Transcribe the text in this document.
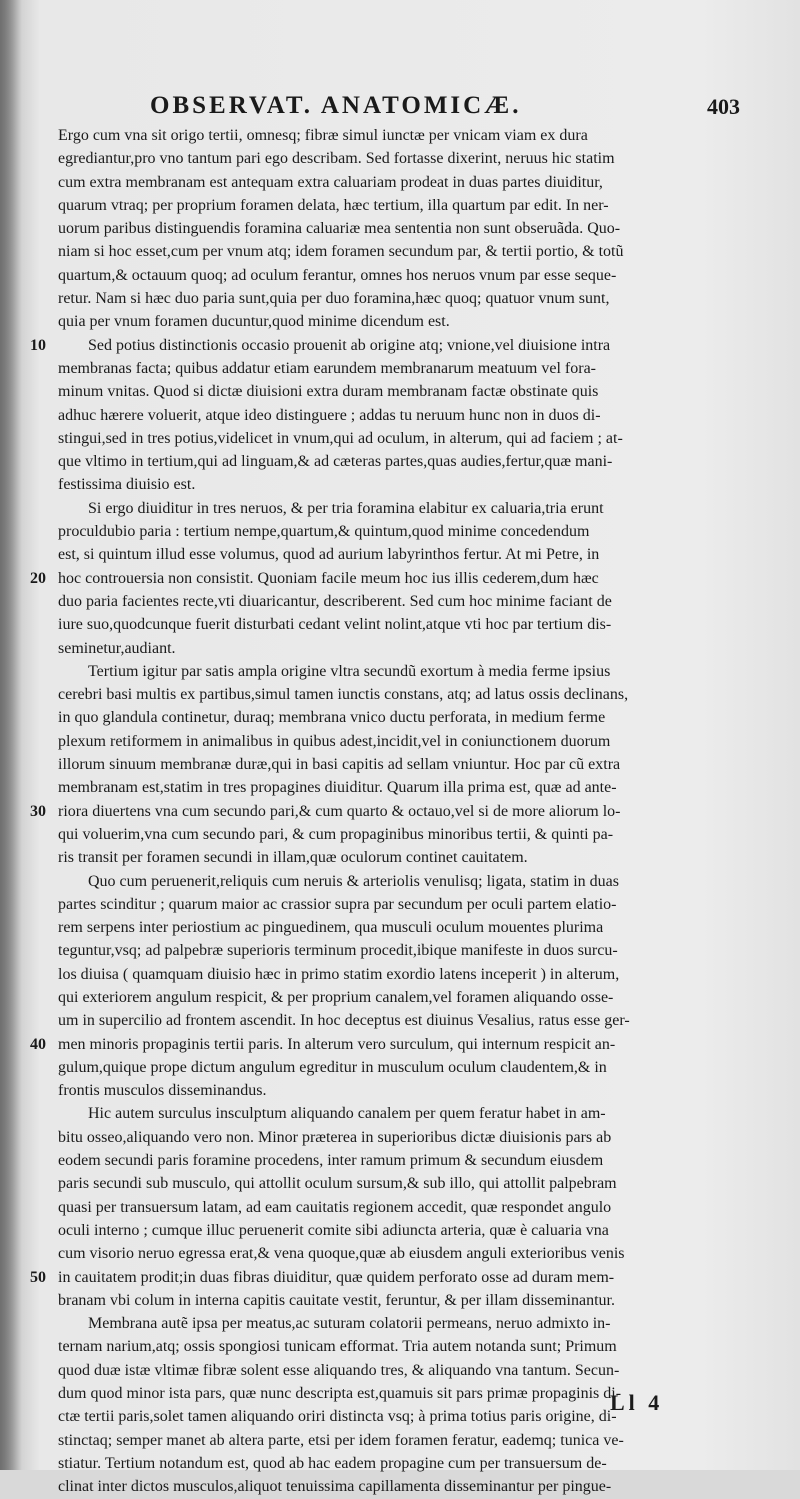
OBSERVAT. ANATOMICÆ.	403
Ergo cum vna sit origo tertii, omnesq; fibræ simul iunctæ per vnicam viam ex dura
egrediantur,pro vno tantum pari ego describam. Sed fortasse dixerint, neruus hic statim
cum extra membranam est antequam extra caluariam prodeat in duas partes diuiditur,
quarum vtraq; per proprium foramen delata, hæc tertium, illa quartum par edit. In ner-
uorum paribus distinguendis foramina caluariæ mea sententia non sunt obseruãda. Quo-
niam si hoc esset,cum per vnum atq; idem foramen secundum par, & tertii portio, & totũ
quartum,& octauum quoq; ad oculum ferantur, omnes hos neruos vnum par esse seque-
retur. Nam si hæc duo paria sunt,quia per duo foramina,hæc quoq; quatuor vnum sunt,
quia per vnum foramen ducuntur,quod minime dicendum est.
10	Sed potius distinctionis occasio prouenit ab origine atq; vnione,vel diuisione intra
membranas facta; quibus addatur etiam earundem membranarum meatuum vel fora-
minum vnitas. Quod si dictæ diuisioni extra duram membranam factæ obstinate quis
adhuc hærere voluerit, atque ideo distinguere ; addas tu neruum hunc non in duos di-
stingui,sed in tres potius,videlicet in vnum,qui ad oculum, in alterum, qui ad faciem ; at-
que vltimo in tertium,qui ad linguam,& ad cæteras partes,quas audies,fertur,quæ mani-
festissima diuisio est.
Si ergo diuiditur in tres neruos, & per tria foramina elabitur ex caluaria,tria erunt
proculdubio paria : tertium nempe,quartum,& quintum,quod minime concedendum
est, si quintum illud esse volumus, quod ad aurium labyrinthos fertur. At mi Petre, in
20 hoc controuersia non consistit. Quoniam facile meum hoc ius illis cederem,dum hæc
duo paria facientes recte,vti diuaricantur, describerent. Sed cum hoc minime faciant de
iure suo,quodcunque fuerit disturbati cedant velint nolint,atque vti hoc par tertium dis-
seminetur,audiant.
Tertium igitur par satis ampla origine vltra secundũ exortum à media ferme ipsius
cerebri basi multis ex partibus,simul tamen iunctis constans, atq; ad latus ossis declinans,
in quo glandula continetur, duraq; membrana vnico ductu perforata, in medium ferme
plexum retiformem in animalibus in quibus adest,incidit,vel in coniunctionem duorum
illorum sinuum membranæ duræ,qui in basi capitis ad sellam vniuntur. Hoc par cũ extra
membranam est,statim in tres propagines diuiditur. Quarum illa prima est, quæ ad ante-
30 riora diuertens vna cum secundo pari,& cum quarto & octauo,vel si de more aliorum lo-
qui voluerim,vna cum secundo pari, & cum propaginibus minoribus tertii, & quinti pa-
ris transit per foramen secundi in illam,quæ oculorum continet cauitatem.
Quo cum peruenerit,reliquis cum neruis & arteriolis venulisq; ligata, statim in duas
partes scinditur ; quarum maior ac crassior supra par secundum per oculi partem elatio-
rem serpens inter periostium ac pinguedinem, qua musculi oculum mouentes plurima
teguntur,vsq; ad palpebræ superioris terminum procedit,ibique manifeste in duos surcu-
los diuisa ( quamquam diuisio hæc in primo statim exordio latens inceperit ) in alterum,
qui exteriorem angulum respicit, & per proprium canalem,vel foramen aliquando osse-
um in supercilio ad frontem ascendit. In hoc deceptus est diuinus Vesalius, ratus esse ger-
40 men minoris propaginis tertii paris. In alterum vero surculum, qui internum respicit an-
gulum,quique prope dictum angulum egreditur in musculum oculum claudentem,& in
frontis musculos disseminandus.
Hic autem surculus insculptum aliquando canalem per quem feratur habet in am-
bitu osseo,aliquando vero non. Minor præterea in superioribus dictæ diuisionis pars ab
eodem secundi paris foramine procedens, inter ramum primum & secundum eiusdem
paris secundi sub musculo, qui attollit oculum sursum,& sub illo, qui attollit palpebram
quasi per transuersum latam, ad eam cauitatis regionem accedit, quæ respondet angulo
oculi interno ; cumque illuc peruenerit comite sibi adiuncta arteria, quæ è caluaria vna
cum visorio neruo egressa erat,& vena quoque,quæ ab eiusdem anguli exterioribus venis
50 in cauitatem prodit;in duas fibras diuiditur, quæ quidem perforato osse ad duram mem-
branam vbi colum in interna capitis cauitate vestit, feruntur, & per illam disseminantur.
Membrana autẽ ipsa per meatus,ac suturam colatorii permeans, neruo admixto in-
ternam narium,atq; ossis spongiosi tunicam efformat. Tria autem notanda sunt; Primum
quod duæ istæ vltimæ fibræ solent esse aliquando tres, & aliquando vna tantum. Secun-
dum quod minor ista pars, quæ nunc descripta est,quamuis sit pars primæ propaginis di-
ctæ tertii paris,solet tamen aliquando oriri distincta vsq; à prima totius paris origine, di-
stinctaq; semper manet ab altera parte, etsi per idem foramen feratur, eademq; tunica ve-
stiatur. Tertium notandum est, quod ab hac eadem propagine cum per transuersum de-
clinat inter dictos musculos,aliquot tenuissima capillamenta disseminantur per pingue-
Ll 4
